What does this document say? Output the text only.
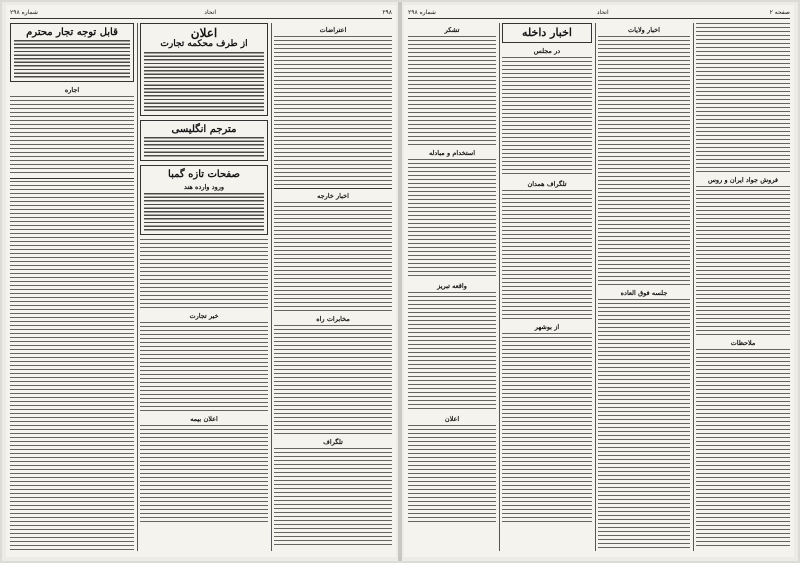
ﺷﻤﺎﺭﻩ ۲۹۸	ﺍﺗﺤﺎﺩ	۲۹۸
ﻗﺎﺑﻞ ﺗﻮﺟﻪ ﺗﺠﺎﺭ ﻣﺤﺘﺮﻡ
ﺍﺟﺎﺭﻩ
ﺍﻋﻼﻥ
ﺍﺯ ﻃﺮﻑ ﻣﺤﻜﻤﻪ ﺗﺠﺎﺭﺕ
ﻣﺘﺮﺟﻢ ﺍﻧﮕﻠﻴﺴﻰ
ﺻﻔﺤﺎﺕ ﺗﺎﺯﻩ ﮔﻤﺒﺎ
ﻭﺭﻭﺩ ﻭﺍﺭﺩﻩ ﻫﻨﺪ
ﺧﺒﺮ ﺗﺠﺎﺭﺕ
ﺍﻋﻼﻥ ﺑﻴﻤﻪ
ﺍﻋﺘﺮﺍﺿﺎﺕ
ﺍﺧﺒﺎﺭ ﺧﺎﺭﺟﻪ
ﻣﺨﺎﺑﺮﺍﺕ ﺭﺍﻩ
ﺗﻠﮕﺮﺍﻑ
ﺷﻤﺎﺭﻩ ۲۹۸	ﺍﺗﺤﺎﺩ	ﺻﻔﺤﻪ ۲
ﺗﺸﻜﺮ
ﺍﺳﺘﺨﺪﺍﻡ ﻭ ﻣﺒﺎﺩﻟﻪ
ﻭﺍﻗﻌﻪ ﺗﺒﺮﻳﺰ
ﺍﻋﻼﻥ
ﺍﺧﺒﺎﺭ ﺩﺍﺧﻠﻪ
ﺩﺭ ﻣﺠﻠﺲ
ﺗﻠﮕﺮﺍﻑ ﻫﻤﺪﺍﻥ
ﺍﺯ ﺑﻮﺷﻬﺮ
ﺍﺧﺒﺎﺭ ﻭﻻﻳﺎﺕ
ﺟﻠﺴﻪ ﻓﻮﻕ ﺍﻟﻌﺎﺩﻩ
ﻓﺮﻭﺵ ﺟﻮﺍﺩ ﺍﻳﺮﺍﻥ ﻭ ﺭﻭﺱ
ﻣﻠﺎﺣﻈﺎﺕ
